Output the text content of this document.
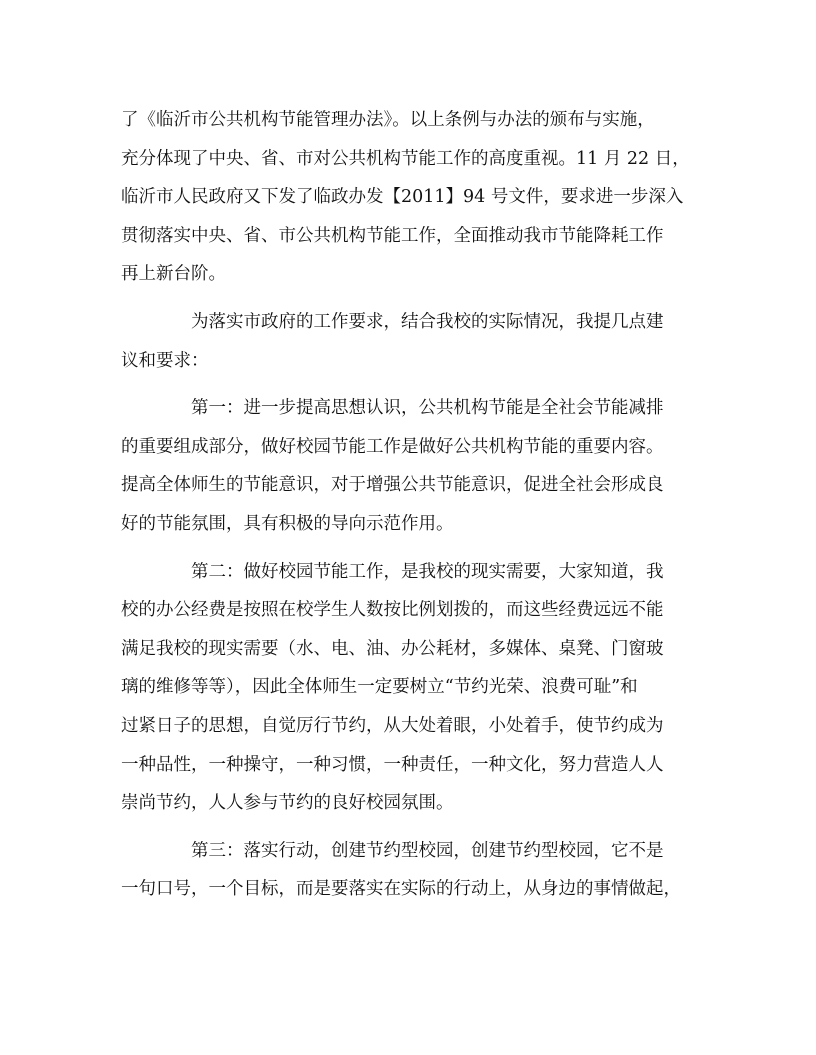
了《临沂市公共机构节能管理办法》。以上条例与办法的颁布与实施，
充分体现了中央、省、市对公共机构节能工作的高度重视。11 月 22 日，
临沂市人民政府又下发了临政办发【2011】94 号文件，要求进一步深入
贯彻落实中央、省、市公共机构节能工作，全面推动我市节能降耗工作
再上新台阶。
为落实市政府的工作要求，结合我校的实际情况，我提几点建
议和要求：
第一：进一步提高思想认识，公共机构节能是全社会节能减排
的重要组成部分，做好校园节能工作是做好公共机构节能的重要内容。
提高全体师生的节能意识，对于增强公共节能意识，促进全社会形成良
好的节能氛围，具有积极的导向示范作用。
第二：做好校园节能工作，是我校的现实需要，大家知道，我
校的办公经费是按照在校学生人数按比例划拨的，而这些经费远远不能
满足我校的现实需要（水、电、油、办公耗材，多媒体、桌凳、门窗玻
璃的维修等等），因此全体师生一定要树立“节约光荣、浪费可耻”和
过紧日子的思想，自觉厉行节约，从大处着眼，小处着手，使节约成为
一种品性，一种操守，一种习惯，一种责任，一种文化，努力营造人人
崇尚节约，人人参与节约的良好校园氛围。
第三：落实行动，创建节约型校园，创建节约型校园，它不是
一句口号，一个目标，而是要落实在实际的行动上，从身边的事情做起，
